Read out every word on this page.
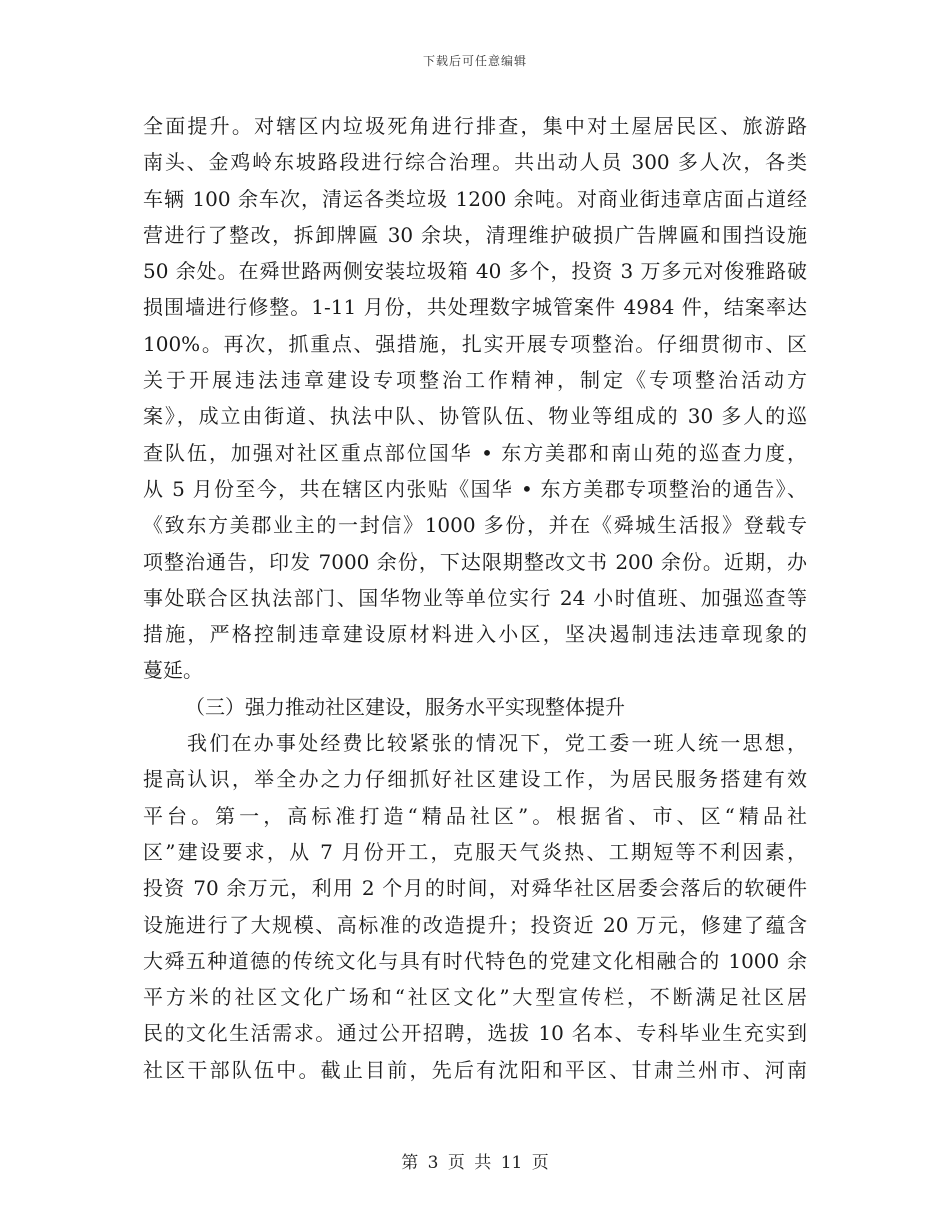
下载后可任意编辑
全面提升。对辖区内垃圾死角进行排查，集中对土屋居民区、旅游路
南头、金鸡岭东坡路段进行综合治理。共出动人员 300 多人次，各类
车辆 100 余车次，清运各类垃圾 1200 余吨。对商业街违章店面占道经
营进行了整改，拆卸牌匾 30 余块，清理维护破损广告牌匾和围挡设施
50 余处。在舜世路两侧安装垃圾箱 40 多个，投资 3 万多元对俊雅路破
损围墙进行修整。1-11 月份，共处理数字城管案件 4984 件，结案率达
100%。再次，抓重点、强措施，扎实开展专项整治。仔细贯彻市、区
关于开展违法违章建设专项整治工作精神，制定《专项整治活动方
案》，成立由街道、执法中队、协管队伍、物业等组成的 30 多人的巡
查队伍，加强对社区重点部位国华 • 东方美郡和南山苑的巡查力度，
从 5 月份至今，共在辖区内张贴《国华 • 东方美郡专项整治的通告》、
《致东方美郡业主的一封信》1000 多份，并在《舜城生活报》登载专
项整治通告，印发 7000 余份，下达限期整改文书 200 余份。近期，办
事处联合区执法部门、国华物业等单位实行 24 小时值班、加强巡查等
措施，严格控制违章建设原材料进入小区，坚决遏制违法违章现象的
蔓延。
（三）强力推动社区建设，服务水平实现整体提升
我们在办事处经费比较紧张的情况下，党工委一班人统一思想，
提高认识，举全办之力仔细抓好社区建设工作，为居民服务搭建有效
平台。第一，高标准打造“精品社区”。根据省、市、区“精品社
区”建设要求，从 7 月份开工，克服天气炎热、工期短等不利因素，
投资 70 余万元，利用 2 个月的时间，对舜华社区居委会落后的软硬件
设施进行了大规模、高标准的改造提升；投资近 20 万元，修建了蕴含
大舜五种道德的传统文化与具有时代特色的党建文化相融合的 1000 余
平方米的社区文化广场和“社区文化”大型宣传栏，不断满足社区居
民的文化生活需求。通过公开招聘，选拔 10 名本、专科毕业生充实到
社区干部队伍中。截止目前，先后有沈阳和平区、甘肃兰州市、河南
第 3 页 共 11 页
